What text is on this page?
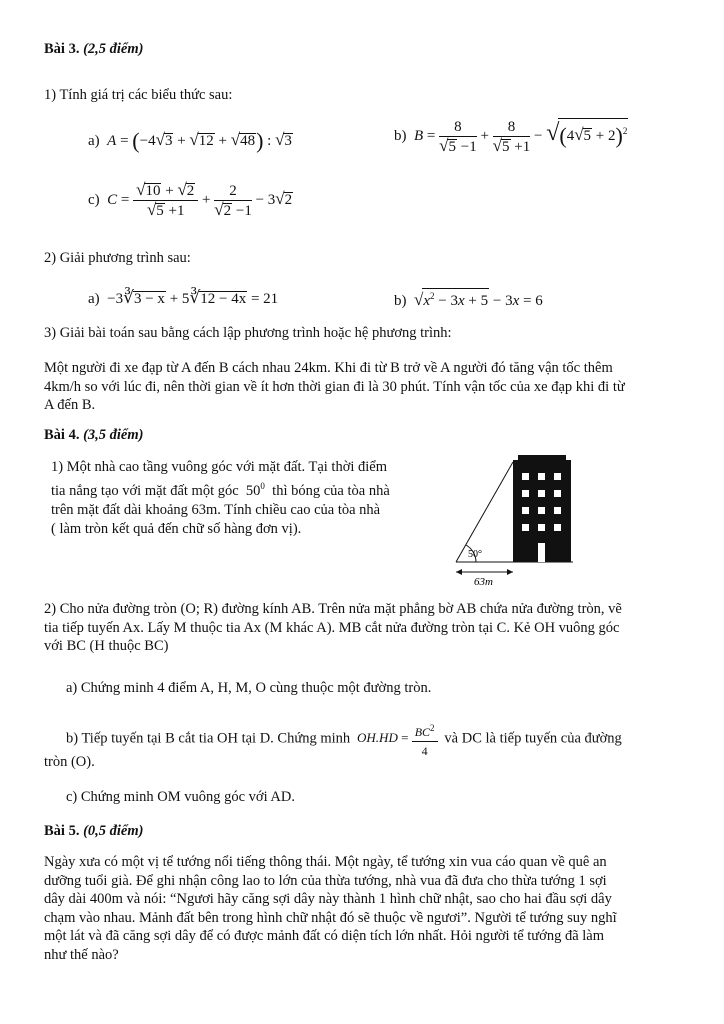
Bài 3. (2,5 điểm)
1) Tính giá trị các biểu thức sau:
a)  A = (−4√3 + √12 + √48) : √3	b)  $B = \frac{8}{√5 -1} + \frac{8}{√5 +1} - √(4√5 + 2)^2$
c)  $C = \frac{√10 + √2}{√5 +1} + \frac{2}{√2 -1} - 3√2$
2) Giải phương trình sau:
a)  −3∛3 − x + 5∛12 − 4x = 21	b)  $√x^2 - 3x + 5 - 3x = 6$
3) Giải bài toán sau bằng cách lập phương trình hoặc hệ phương trình:
Một người đi xe đạp từ A đến B cách nhau 24km. Khi đi từ B trở về A người đó tăng vận tốc thêm
4km/h so với lúc đi, nên thời gian về ít hơn thời gian đi là 30 phút. Tính vận tốc của xe đạp khi đi từ
A đến B.
Bài 4. (3,5 điểm)
1) Một nhà cao tầng vuông góc với mặt đất. Tại thời điểm
tia nắng tạo với mặt đất một góc $50^0$ thì bóng của tòa nhà
trên mặt đất dài khoảng 63m. Tính chiều cao của tòa nhà
( làm tròn kết quả đến chữ số hàng đơn vị).
50°
63m
2) Cho nửa đường tròn (O; R) đường kính AB. Trên nửa mặt phẳng bờ AB chứa nửa đường tròn, vẽ
tia tiếp tuyến Ax. Lấy M thuộc tia Ax (M khác A). MB cắt nửa đường tròn tại C. Kẻ OH vuông góc
với BC (H thuộc BC)
a) Chứng minh 4 điểm A, H, M, O cùng thuộc một đường tròn.
b) Tiếp tuyến tại B cắt tia OH tại D. Chứng minh $OH.HD = \frac{BC^2}{4}$ và DC là tiếp tuyến của đường
tròn (O).
c) Chứng minh OM vuông góc với AD.
Bài 5. (0,5 điểm)
Ngày xưa có một vị tể tướng nổi tiếng thông thái. Một ngày, tể tướng xin vua cáo quan về quê an
dưỡng tuổi già. Để ghi nhận công lao to lớn của thừa tướng, nhà vua đã đưa cho thừa tướng 1 sợi
dây dài 400m và nói: “Ngươi hãy căng sợi dây này thành 1 hình chữ nhật, sao cho hai đầu sợi dây
chạm vào nhau. Mảnh đất bên trong hình chữ nhật đó sẽ thuộc về ngươi”. Người tể tướng suy nghĩ
một lát và đã căng sợi dây để có được mảnh đất có diện tích lớn nhất. Hỏi người tể tướng đã làm
như thế nào?
